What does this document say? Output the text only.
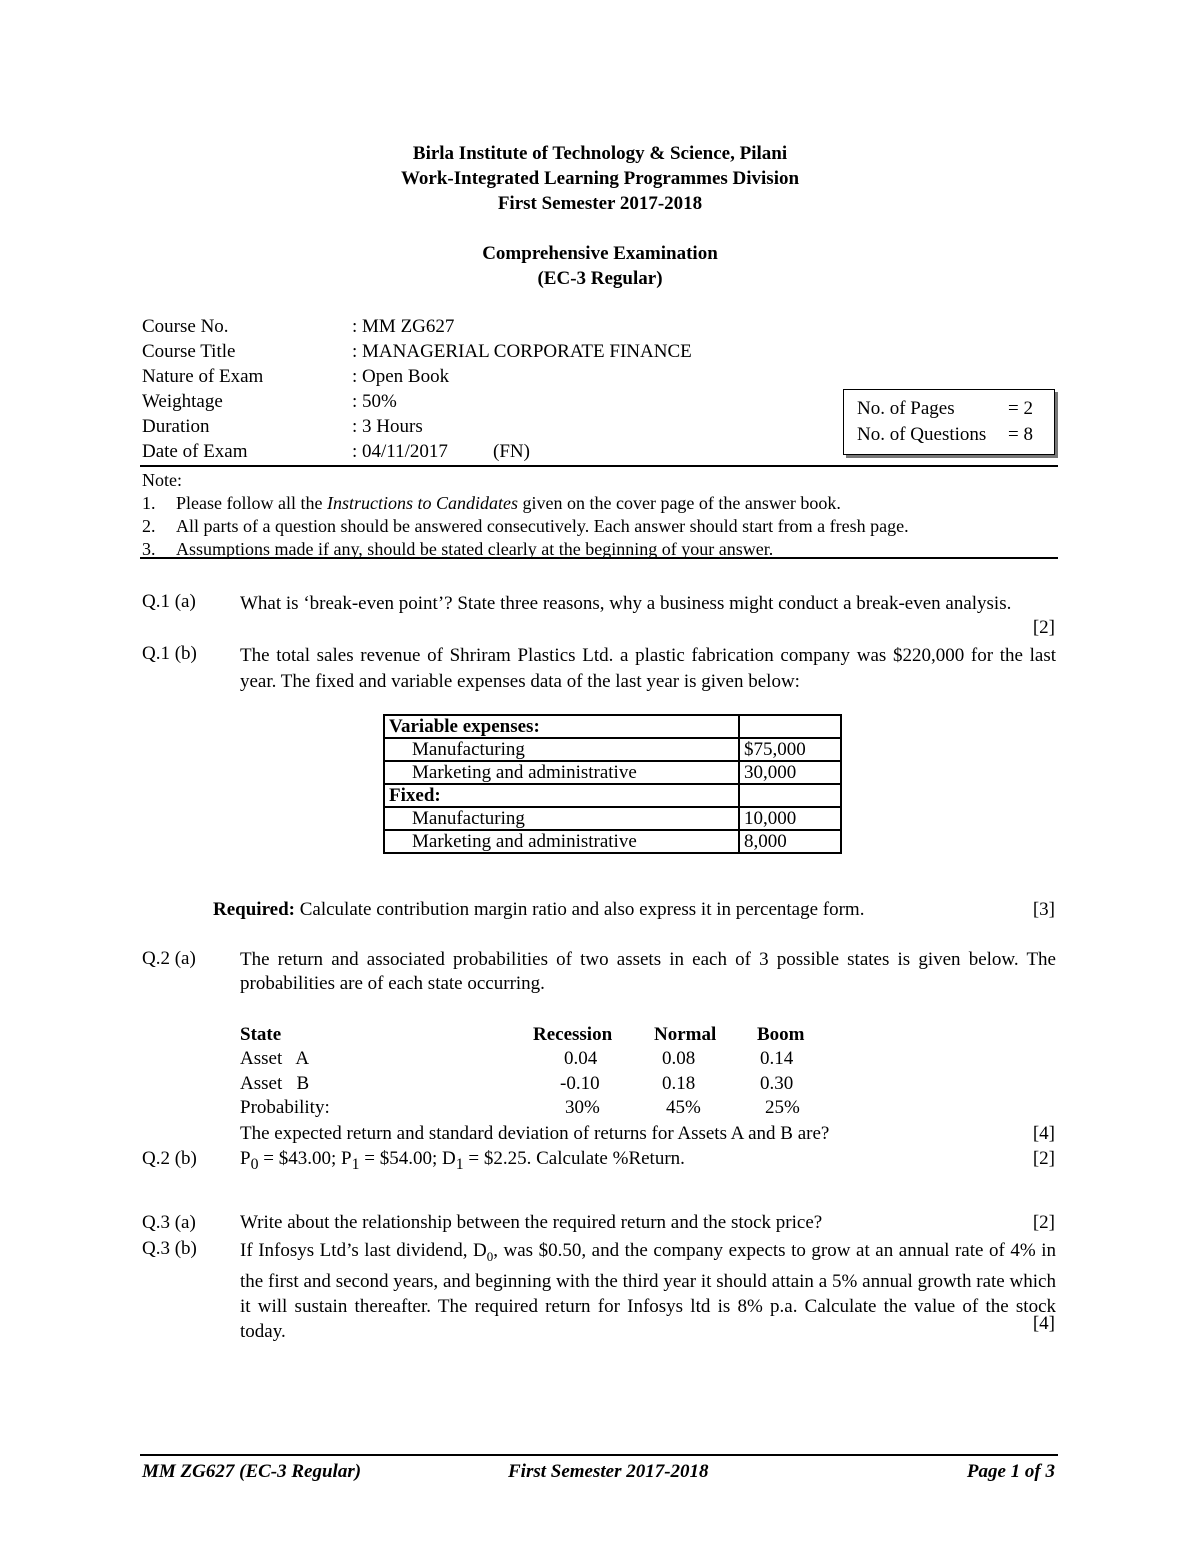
Birla Institute of Technology & Science, Pilani
Work-Integrated Learning Programmes Division
First Semester 2017-2018
Comprehensive Examination
(EC-3 Regular)
Course No.	: MM ZG627
Course Title	: MANAGERIAL CORPORATE FINANCE
Nature of Exam	: Open Book
Weightage	: 50%
Duration	: 3 Hours
Date of Exam	: 04/11/2017 (FN)
No. of Pages	= 2
No. of Questions = 8
Note:
1. Please follow all the Instructions to Candidates given on the cover page of the answer book.
2. All parts of a question should be answered consecutively. Each answer should start from a fresh page.
3. Assumptions made if any, should be stated clearly at the beginning of your answer.
Q.1 (a) What is ‘break-even point’? State three reasons, why a business might conduct a break-even analysis.
[2]
Q.1 (b) The total sales revenue of Shriram Plastics Ltd. a plastic fabrication company was $220,000 for the last year. The fixed and variable expenses data of the last year is given below:
Variable expenses:	
Manufacturing	$75,000
Marketing and administrative	30,000
Fixed:	
Manufacturing	10,000
Marketing and administrative	8,000
Required: Calculate contribution margin ratio and also express it in percentage form.	[3]
Q.2 (a) The return and associated probabilities of two assets in each of 3 possible states is given below. The probabilities are of each state occurring.
State	Recession Normal Boom
Asset   A	0.04	0.08	0.14
Asset   B	-0.10	0.18	0.30
Probability:	30%	45%	25%
The expected return and standard deviation of returns for Assets A and B are?	[4]
Q.2 (b) $P_0$ = $43.00; $P_1$ = $54.00; $D_1$ = $2.25. Calculate %Return.	[2]
Q.3 (a) Write about the relationship between the required return and the stock price?	[2]
Q.3 (b) If Infosys Ltd’s last dividend, $D_0$, was $0.50, and the company expects to grow at an annual rate of 4% in the first and second years, and beginning with the third year it should attain a 5% annual growth rate which it will sustain thereafter. The required return for Infosys ltd is 8% p.a. Calculate the value of the stock today.	[4]
MM ZG627 (EC-3 Regular)	First Semester 2017-2018	Page 1 of 3
